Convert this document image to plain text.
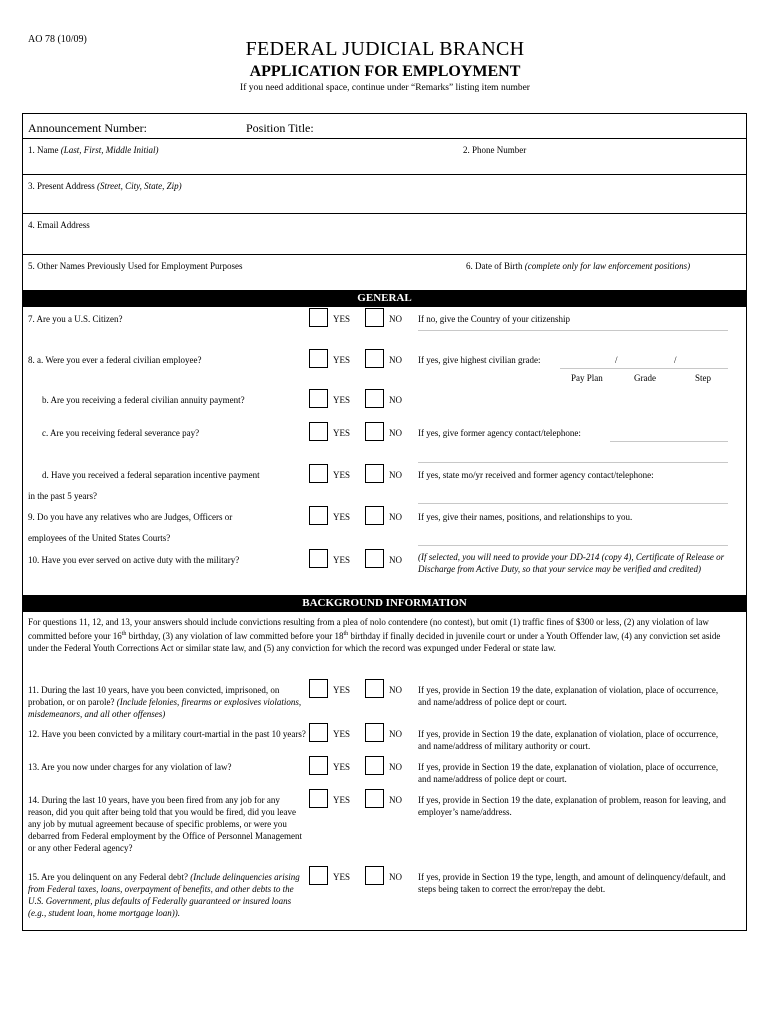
AO 78 (10/09)	FEDERAL JUDICIAL BRANCH
APPLICATION FOR EMPLOYMENT
If you need additional space, continue under “Remarks” listing item number
Announcement Number:	Position Title:
1. Name (Last, First, Middle Initial)	2. Phone Number
3. Present Address (Street, City, State, Zip)
4. Email Address
5. Other Names Previously Used for Employment Purposes	6. Date of Birth (complete only for law enforcement positions)
GENERAL
7. Are you a U.S. Citizen?	YES	NO If no, give the Country of your citizenship
8. a. Were you ever a federal civilian employee?	YES	NO If yes, give highest civilian grade:	/	/
Pay Plan	Grade	Step
b. Are you receiving a federal civilian annuity payment?	YES	NO
c. Are you receiving federal severance pay?	YES	NO If yes, give former agency contact/telephone:
d. Have you received a federal separation incentive payment	YES	NO If yes, state mo/yr received and former agency contact/telephone:
in the past 5 years?
9. Do you have any relatives who are Judges, Officers or	YES	NO If yes, give their names, positions, and relationships to you.
employees of the United States Courts?
10. Have you ever served on active duty with the military?	YES	NO (If selected, you will need to provide your DD-214 (copy 4), Certificate of Release or Discharge from Active Duty, so that your service may be verified and credited)
BACKGROUND INFORMATION
For questions 11, 12, and 13, your answers should include convictions resulting from a plea of nolo contendere (no contest), but omit (1) traffic fines of $300 or less, (2) any violation of law committed before your 16th birthday, (3) any violation of law committed before your 18th birthday if finally decided in juvenile court or under a Youth Offender law, (4) any conviction set aside under the Federal Youth Corrections Act or similar state law, and (5) any conviction for which the record was expunged under Federal or state law.
11. During the last 10 years, have you been convicted, imprisoned, on probation, or on parole? (Include felonies, firearms or explosives violations, misdemeanors, and all other offenses)
YES	NO If yes, provide in Section 19 the date, explanation of violation, place of occurrence, and name/address of police dept or court.
12. Have you been convicted by a military court-martial in the past 10 years?	YES	NO If yes, provide in Section 19 the date, explanation of violation, place of occurrence, and name/address of military authority or court.
13. Are you now under charges for any violation of law?	YES	NO If yes, provide in Section 19 the date, explanation of violation, place of occurrence, and name/address of police dept or court.
14. During the last 10 years, have you been fired from any job for any reason, did you quit after being told that you would be fired, did you leave any job by mutual agreement because of specific problems, or were you debarred from Federal employment by the Office of Personnel Management or any other Federal agency?
YES	NO If yes, provide in Section 19 the date, explanation of problem, reason for leaving, and employer’s name/address.
15. Are you delinquent on any Federal debt? (Include delinquencies arising from Federal taxes, loans, overpayment of benefits, and other debts to the U.S. Government, plus defaults of Federally guaranteed or insured loans (e.g., student loan, home mortgage loan)).
YES	NO If yes, provide in Section 19 the type, length, and amount of delinquency/default, and steps being taken to correct the error/repay the debt.
